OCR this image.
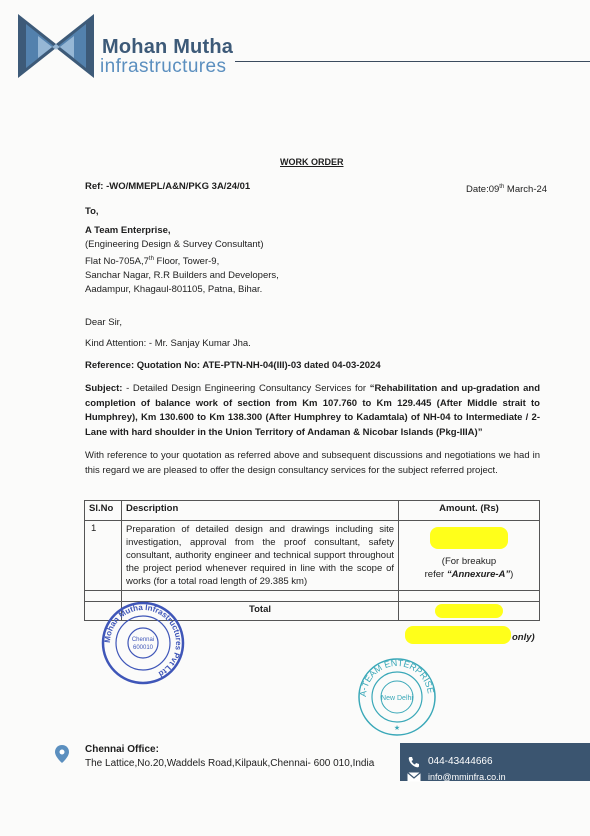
Mohan Mutha
infrastructures
WORK ORDER
Ref: -WO/MMEPL/A&N/PKG 3A/24/01	Date:09th March-24
To,
A Team Enterprise,
(Engineering Design & Survey Consultant)
Flat No-705A,7th Floor, Tower-9,
Sanchar Nagar, R.R Builders and Developers,
Aadampur, Khagaul-801105, Patna, Bihar.
Dear Sir,
Kind Attention: - Mr. Sanjay Kumar Jha.
Reference: Quotation No: ATE-PTN-NH-04(III)-03 dated 04-03-2024
Subject: - Detailed Design Engineering Consultancy Services for “Rehabilitation and up-gradation and completion of balance work of section from Km 107.760 to Km 129.445 (After Middle strait to Humphrey), Km 130.600 to Km 138.300 (After Humphrey to Kadamtala) of NH-04 to Intermediate / 2-Lane with hard shoulder in the Union Territory of Andaman & Nicobar Islands (Pkg-IIIA)”
With reference to your quotation as referred above and subsequent discussions and negotiations we had in this regard we are pleased to offer the design consultancy services for the subject referred project.
Sl.No	Description	Amount. (Rs)
1	Preparation of detailed design and drawings including site investigation, approval from the proof consultant, safety consultant, authority engineer and technical support throughout the project period whenever required in line with the scope of works (for a total road length of 29.385 km)	(For breakup
refer “Annexure-A”)

	Total	
only)
Mohan Mutha Infrastructures Pvt Ltd
Chennai
600010
A-TEAM ENTERPRISE
New Delhi
★
Chennai Office:
The Lattice,No.20,Waddels Road,Kilpauk,Chennai- 600 010,India	044-43444666
info@mminfra.co.in
